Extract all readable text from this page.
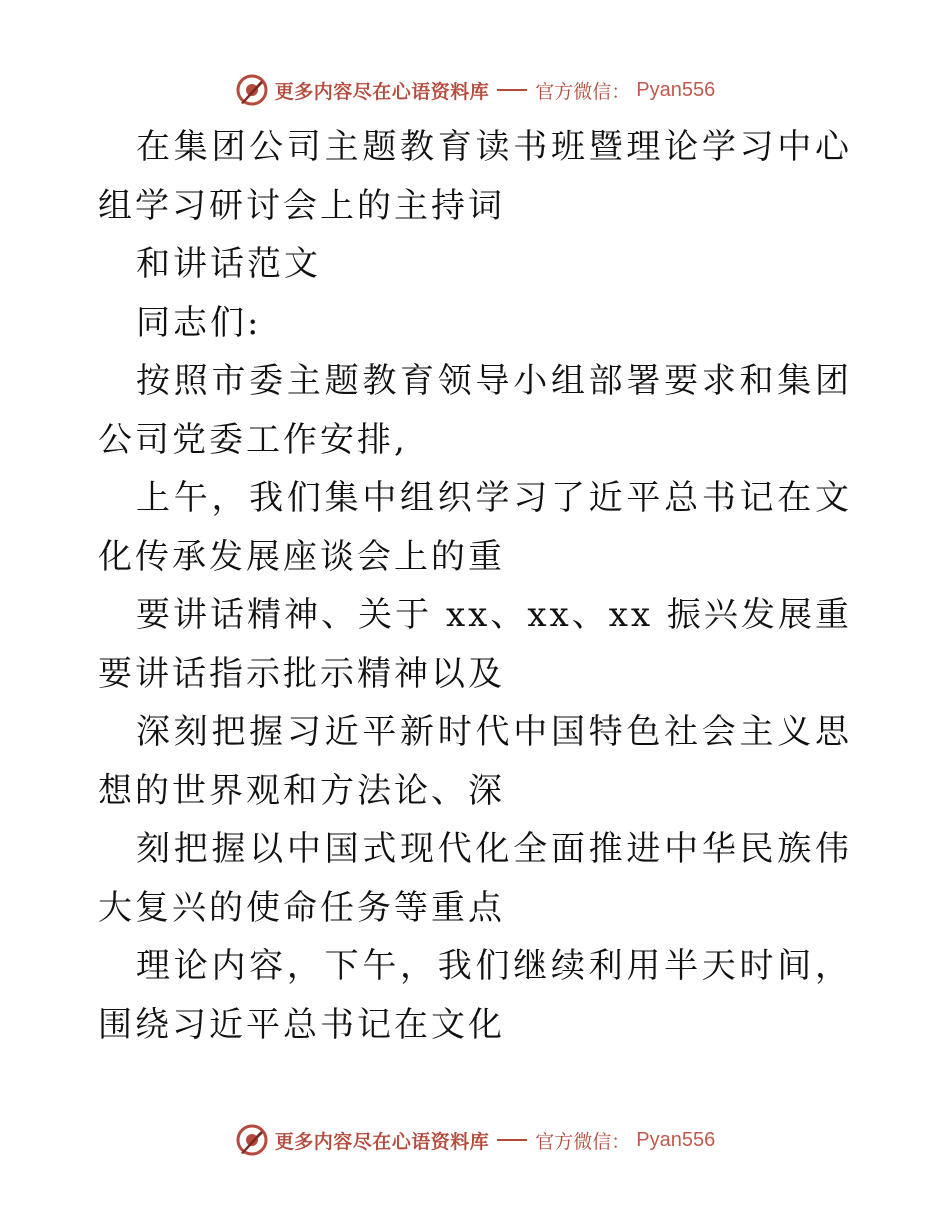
更多内容尽在心语资料库 官方微信： Pyan556

在集团公司主题教育读书班暨理论学习中心组学习研讨会上的主持词

和讲话范文

同志们:

按照市委主题教育领导小组部署要求和集团公司党委工作安排,

上午，我们集中组织学习了近平总书记在文化传承发展座谈会上的重

要讲话精神、关于 xx、xx、xx 振兴发展重要讲话指示批示精神以及

深刻把握习近平新时代中国特色社会主义思想的世界观和方法论、深

刻把握以中国式现代化全面推进中华民族伟大复兴的使命任务等重点

理论内容，下午，我们继续利用半天时间，围绕习近平总书记在文化

更多内容尽在心语资料库 官方微信： Pyan556
